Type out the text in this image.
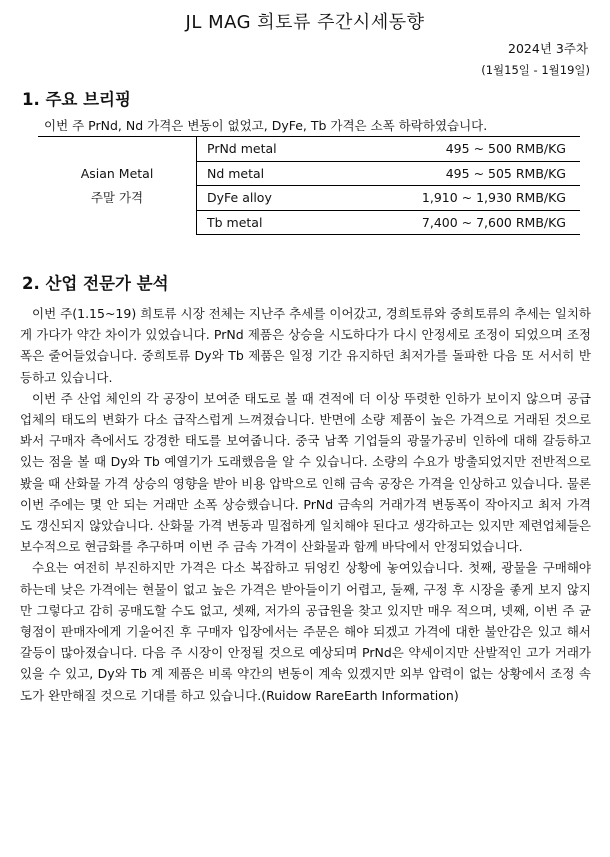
JL MAG 희토류 주간시세동향
2024년 3주차
(1월15일 - 1월19일)
1. 주요 브리핑
이번 주 PrNd, Nd 가격은 변동이 없었고, DyFe, Tb 가격은 소폭 하락하였습니다.
Asian Metal
주말 가격	PrNd metal	495 ~ 500 RMB/KG
	Nd metal	495 ~ 505 RMB/KG
	DyFe alloy	1,910 ~ 1,930 RMB/KG
	Tb metal	7,400 ~ 7,600 RMB/KG
2. 산업 전문가 분석

이번 주(1.15~19) 희토류 시장 전체는 지난주 추세를 이어갔고, 경희토류와 중희토류의 추세는 일치하게 가다가 약간 차이가 있었습니다. PrNd 제품은 상승을 시도하다가 다시 안정세로 조정이 되었으며 조정 폭은 줄어들었습니다. 중희토류 Dy와 Tb 제품은 일정 기간 유지하던 최저가를 돌파한 다음 또 서서히 반등하고 있습니다.

이번 주 산업 체인의 각 공장이 보여준 태도로 볼 때 견적에 더 이상 뚜렷한 인하가 보이지 않으며 공급업체의 태도의 변화가 다소 급작스럽게 느껴졌습니다. 반면에 소량 제품이 높은 가격으로 거래된 것으로 봐서 구매자 측에서도 강경한 태도를 보여줍니다. 중국 남쪽 기업들의 광물가공비 인하에 대해 갈등하고 있는 점을 볼 때 Dy와 Tb 예열기가 도래했음을 알 수 있습니다. 소량의 수요가 방출되었지만 전반적으로 봤을 때 산화물 가격 상승의 영향을 받아 비용 압박으로 인해 금속 공장은 가격을 인상하고 있습니다. 물론 이번 주에는 몇 안 되는 거래만 소폭 상승했습니다. PrNd 금속의 거래가격 변동폭이 작아지고 최저 가격도 갱신되지 않았습니다. 산화물 가격 변동과 밀접하게 일치해야 된다고 생각하고는 있지만 제련업체들은 보수적으로 현금화를 추구하며 이번 주 금속 가격이 산화물과 함께 바닥에서 안정되었습니다.

수요는 여전히 부진하지만 가격은 다소 복잡하고 뒤엉킨 상황에 놓여있습니다. 첫째, 광물을 구매해야 하는데 낮은 가격에는 현물이 없고 높은 가격은 받아들이기 어렵고, 둘째, 구정 후 시장을 좋게 보지 않지만 그렇다고 감히 공매도할 수도 없고, 셋째, 저가의 공급원을 찾고 있지만 매우 적으며, 넷째, 이번 주 균형점이 판매자에게 기울어진 후 구매자 입장에서는 주문은 해야 되겠고 가격에 대한 불안감은 있고 해서 갈등이 많아졌습니다. 다음 주 시장이 안정될 것으로 예상되며 PrNd은 약세이지만 산발적인 고가 거래가 있을 수 있고, Dy와 Tb 계 제품은 비록 약간의 변동이 계속 있겠지만 외부 압력이 없는 상황에서 조정 속도가 완만해질 것으로 기대를 하고 있습니다.(Ruidow RareEarth Information)
